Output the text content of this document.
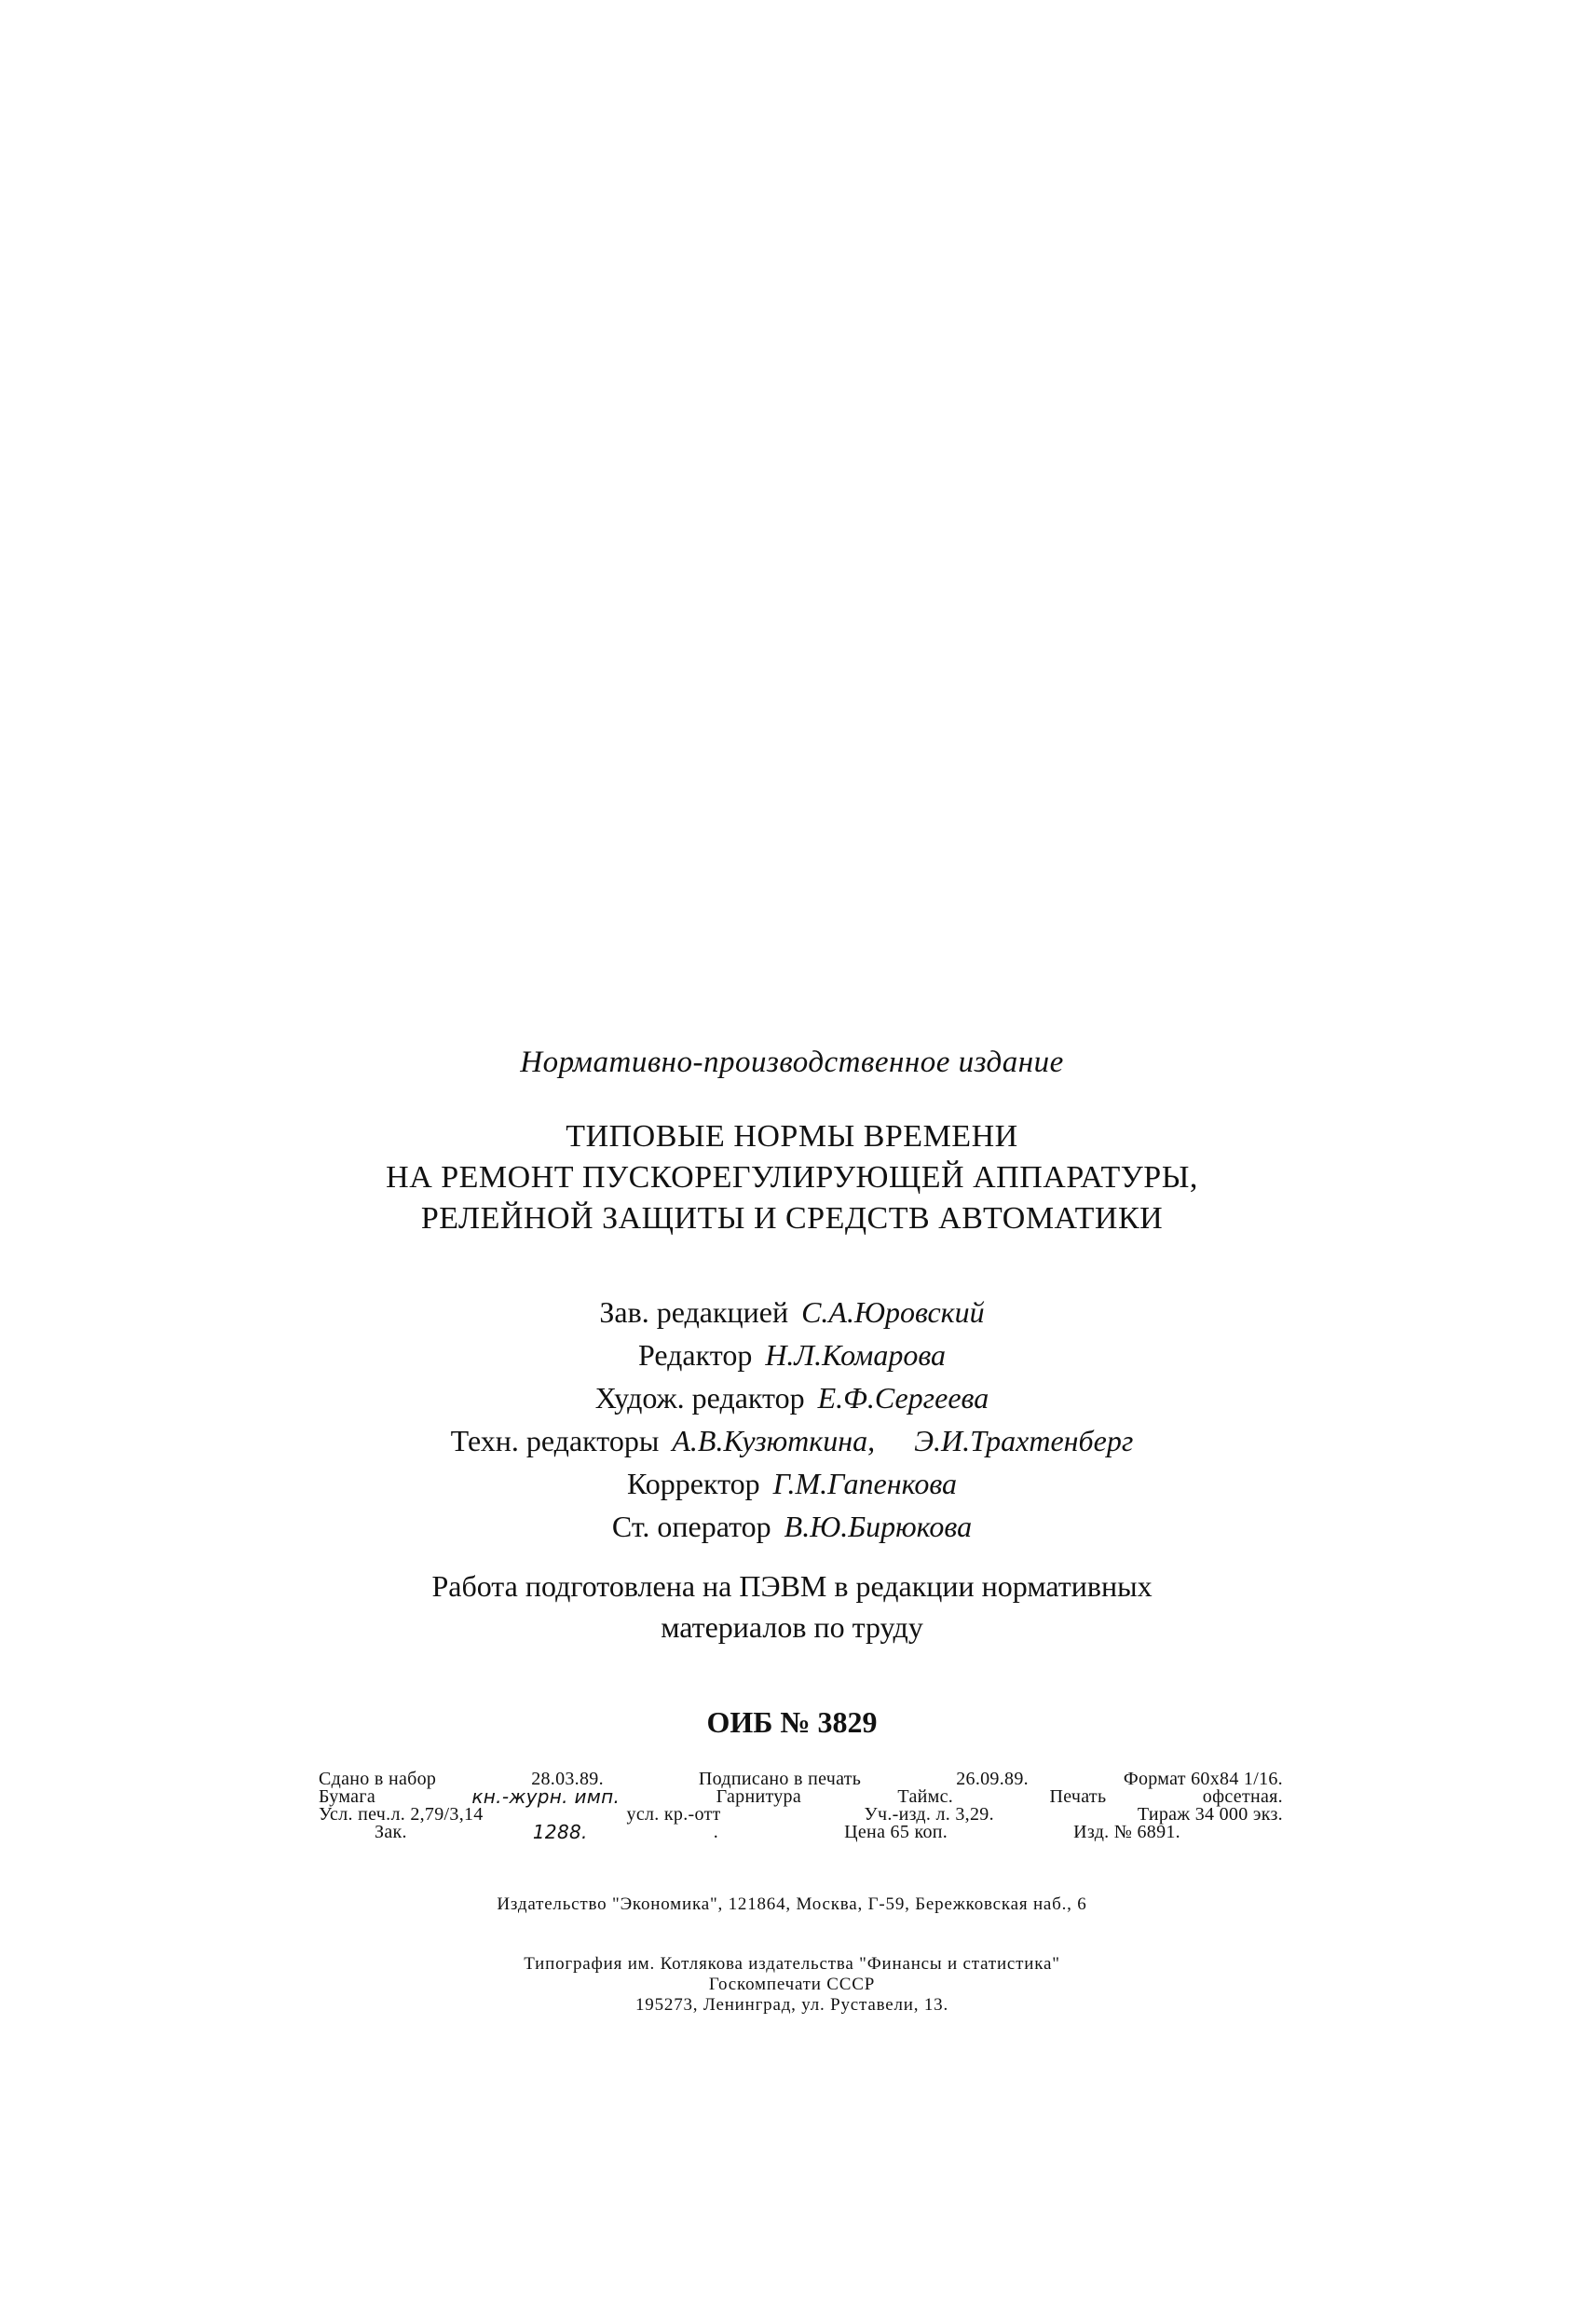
Нормативно-производственное издание
ТИПОВЫЕ НОРМЫ ВРЕМЕНИ
НА РЕМОНТ ПУСКОРЕГУЛИРУЮЩЕЙ АППАРАТУРЫ,
РЕЛЕЙНОЙ ЗАЩИТЫ И СРЕДСТВ АВТОМАТИКИ
Зав. редакцией С.А.Юровский
Редактор Н.Л.Комарова
Худож. редактор Е.Ф.Сергеева
Техн. редакторы А.В.Кузюткина, Э.И.Трахтенберг
Корректор Г.М.Гапенкова
Ст. оператор В.Ю.Бирюкова
Работа подготовлена на ПЭВМ в редакции нормативных
материалов по труду
ОИБ № 3829
Сдано в набор	28.03.89.	Подписано в печать	26.09.89.	Формат 60x84 1/16.
Бумага	кн.-журн. имп.	Гарнитура	Таймс.	Печать	офсетная.
Усл. печ.л. 2,79/3,14	усл. кр.-отт	Уч.-изд. л. 3,29.	Тираж 34 000 экз.
Зак.	1288.	.	Цена 65 коп.	Изд. № 6891.
Издательство "Экономика", 121864, Москва, Г-59, Бережковская наб., 6
Типография им. Котлякова издательства "Финансы и статистика"
Госкомпечати СССР
195273, Ленинград, ул. Руставели, 13.
